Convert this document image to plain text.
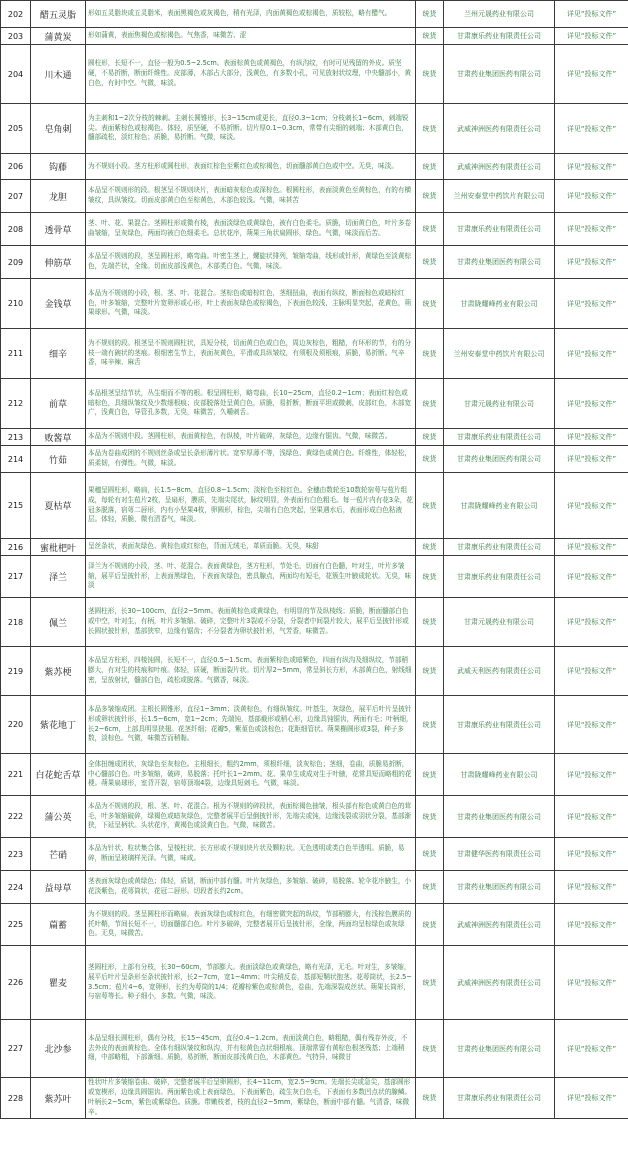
202	醋五灵脂	形如五灵脂块或五灵脂米，表面黑褐色或灰褐色，稍有光泽，内面黄褐色或棕褐色，质较松，略有醋气。	统货	兰州元晟药业有限公司	详见“投标文件”
203	蒲黄炭	形如蒲黄，表面焦褐色或棕褐色。气焦香，味微苦、涩	统货	甘肃康乐药业有限责任公司	详见“投标文件”
204	川木通	圆柱形，长短不一，直径一般为0.5~2.5cm。表面棕黄色或黄褐色，有纵沟纹，有时可见残留的外皮。质坚硬，不易折断，断面纤维性。皮部薄，木部占大部分，浅黄色，有多数小孔，可见放射状纹理，中央髓部小，黄白色，有时中空。气微，味淡。	统货	甘肃药业集团医药有限公司	详见“投标文件”
205	皂角刺	为主刺和1~2次分枝的棘刺。主刺长圆锥形，长3~15cm或更长，直径0.3~1cm；分枝刺长1~6cm，刺端锐尖。表面紫棕色或棕褐色。体轻，质坚硬，不易折断。切片厚0.1~0.3cm，常带有尖细的刺端；木部黄白色，髓部疏松，淡红棕色；质脆，易折断。气微，味淡。	统货	武威神洲医药有限责任公司	详见“投标文件”
206	钩藤	为不规则小段。茎方柱形或圆柱形，表面红棕色至紫红色或棕褐色，切面髓部黄白色或中空。无臭，味淡。	统货	武威神洲医药有限责任公司	详见“投标文件”
207	龙胆	本品呈不规则形的段。根茎呈不规则块片，表面暗灰棕色或深棕色。根圆柱形，表面淡黄色至黄棕色，有的有横皱纹，具纵皱纹。切面皮部黄白色至棕黄色，木部色较浅。气微，味甚苦	统货	兰州安泰堂中药饮片有限公司	详见“投标文件”
208	透骨草	茎、叶、花、果混合。茎圆柱形或微有棱，表面淡绿色或黄绿色，被有白色柔毛。质脆，切面黄白色，叶片多卷曲皱缩，呈灰绿色，两面均被白色细柔毛。总状花序，蒴果三角状扁圆形，绿色。气微，味淡而后苦。	统货	甘肃康乐药业有限责任公司	详见“投标文件”
209	伸筋草	本品呈不规则的段，茎呈圆柱形，略弯曲。叶密生茎上，螺旋状排列，皱缩弯曲，线形或针形，黄绿色至淡黄棕色，先端芒状，全缘。切面皮部浅黄色，木部类白色。气微，味淡。	统货	甘肃药业集团医药有限公司	详见“投标文件”
210	金钱草	本品为不规则的小段，根、茎、叶、花混合。茎棕色或暗棕红色，茎细扭曲，表面有纵纹，断面棕色或暗棕红色，叶多皱缩，完整叶片宽卵形或心形，叶上表面灰绿色或棕褐色，下表面色较浅，主脉明显突起，花黄色，蒴果球形。气微，味淡。	统货	甘肃陇耀峰药业有限公司	详见“投标文件”
211	细辛	为不规则的段。根茎呈不规则圆柱状，具短分枝，切面黄白色或白色，周边灰棕色，粗糙，有环形的节，有的分枝一端有碗状的茎痕。根细密生节上，表面灰黄色，平滑或具纵皱纹，有须根及须根痕，质脆，易折断。气辛香，味辛辣、麻舌	统货	兰州安泰堂中药饮片有限公司	详见“投标文件”
212	前草	本品根茎呈结节状，丛生细而不等的根。根呈圆柱形，略弯曲，长10~25cm，直径0.2~1cm；表面红棕色或暗棕色，具细纵皱纹及少数细根痕；皮部脱落处呈黄白色，质脆，易折断，断面平坦或微刺，皮部红色，木部宽广，浅黄白色，导管孔多数，无臭，味微苦，久嚼刺舌。	统货	甘肃元晟药业有限公司	详见“投标文件”
213	败酱草	本品为不规则中段。茎圆柱形，表面黄棕色，有纵棱，叶片破碎，灰绿色，边缘有锯齿。气微，味微苦。	统货	甘肃康乐药业有限责任公司	详见“投标文件”
214	竹茹	本品为卷曲成团的不规则丝条或呈长条形薄片状。宽窄厚薄不等，浅绿色、黄绿色或黄白色。纤维性，体轻松，质柔韧，有弹性。气微，味淡。	统货	甘肃药业集团医药有限公司	详见“投标文件”
215	夏枯草	果穗呈圆柱形，略扁，长1.5~8cm，直径0.8~1.5cm；淡棕色至棕红色。全穗由数轮至10数轮宿萼与苞片组成，每轮有对生苞片2枚，呈扇形，膜质，先端尖尾状，脉纹明显，外表面有白色粗毛。每一苞片内有花3朵，花冠多脱落，宿萼二唇形，内有小坚果4枚，卵圆形，棕色，尖端有白色突起，坚果遇水后，表面形成白色粘液层。体轻，质脆，微有清香气，味淡。	统货	甘肃陇耀峰药业有限公司	详见“投标文件”
216	蜜枇杷叶	呈丝条状，表面灰绿色、黄棕色或红棕色，背面无绒毛，革质而脆。无臭，味甜	统货	甘肃康乐药业有限责任公司	详见“投标文件”
217	泽兰	泽兰为不规则的小段，茎、叶、花混合。表面黄绿色，茎方柱形，节处毛，切面有白色髓，叶对生，叶片多皱缩，展平后呈披针形，上表面黑绿色，下表面灰绿色，密具腺点，两面均有短毛，花簇生叶腋成轮状。无臭，味淡	统货	甘肃康乐药业有限责任公司	详见“投标文件”
218	佩兰	茎圆柱形，长30~100cm，直径2~5mm。表面黄棕色或黄绿色，有明显的节及纵棱线；质脆，断面髓部白色或中空，叶对生，有柄，叶片多皱缩、破碎，完整叶片3裂或不分裂，分裂者中间裂片较大，展平后呈披针形或长圆状披针形，基部狭窄，边缘有锯齿；不分裂者为卵状披针形，气芳香，味微苦。	统货	甘肃元晟药业有限公司	详见“投标文件”
219	紫苏梗	本品呈方柱形，四棱钝圆，长短不一，直径0.5~1.5cm。表面紫棕色或暗紫色，四面有纵沟及细纵纹，节部稍膨大，有对生的枝痕和叶痕。体轻，质硬，断面裂片状。切片厚2~5mm，常呈斜长方形，木部黄白色，射线细密，呈放射状，髓部白色，疏松或脱落。气微香，味淡。	统货	武威天利医药有限责任公司	详见“投标文件”
220	紫花地丁	本品多皱缩成团。主根长圆锥形，直径1~3mm；淡黄棕色，有细纵皱纹。叶基生，灰绿色，展平后叶片呈披针形或卵状披针形，长1.5~6cm，宽1~2cm；先端钝，基部截形或稍心形，边缘具钝锯齿，两面有毛；叶柄细，长2~6cm，上部具明显狭翅。花茎纤细；花瓣5，紫堇色或淡棕色；花距细管状。蒴果椭圆形或3裂，种子多数，淡棕色。气微，味微苦而稍黏。	统货	甘肃康乐药业有限责任公司	详见“投标文件”
221	白花蛇舌草	全体扭缠成团状，灰绿色至灰棕色。主根细长，粗约2mm，须根纤细，淡灰棕色；茎细，卷曲，质脆易折断，中心髓部白色。叶多皱缩，破碎，易脱落；托叶长1~2mm。花、果单生或成对生于叶腋，花常具短而略粗的花梗。蒴果扁球形，室背开裂，宿萼顶端4裂，边缘具短刺毛。气微，味淡。	统货	甘肃陇耀峰药业有限公司	详见“投标文件”
222	蒲公英	本品为不规则的段，根、茎、叶、花混合。根为不规则的碎段状，表面棕褐色抽皱，根头部有棕色或黄白色的茸毛，叶多皱缩破碎，绿褐色或暗灰绿色，完整者展平后呈倒披针形，先端尖或钝，边缘浅裂或羽状分裂，基部渐狭，下延呈柄状。头状花序，黄褐色或淡黄白色。气微，味微苦。	统货	甘肃药业集团医药有限公司	详见“投标文件”
223	芒硝	本品为针状、粒状集合体，呈棱柱状、长方形或不规则块片状及颗粒状。无色透明或类白色半透明。质脆，易碎，断面呈玻璃样光泽。气微，味咸。	统货	甘肃健华医药有限责任公司	详见“投标文件”
224	益母草	茎表面灰绿色或黄绿色；体轻，质韧，断面中部有髓。叶片灰绿色，多皱缩、破碎，易脱落。轮伞花序腋生，小花淡紫色，花萼筒状，花冠二唇形。切段者长约2cm。	统货	甘肃药业集团医药有限公司	详见“投标文件”
225	萹蓄	为不规则的段。茎呈圆柱形而略扁，表面灰绿色或棕红色，有细密微突起的纵纹，节部稍膨大，有浅棕色膜质的托叶鞘，节间长短不一，切面髓部白色。叶片多破碎，完整者展开后呈披针形，全缘，两面均呈棕绿色或灰绿色。无臭，味微苦。	统货	武威神洲医药有限责任公司	详见“投标文件”
226	瞿麦	茎圆柱形，上部有分枝，长30~60cm，节部膨大。表面淡绿色或黄绿色，略有光泽，无毛。叶对生，多皱缩，展平后叶片呈条形至条状披针形，长2~7cm，宽1~4mm；叶尖稍反卷，基部短鞘状抱茎。花萼筒状，长2.5~3.5cm；苞片4~6，宽卵形，长约为萼筒的1/4；花瓣棕紫色或棕黄色，卷曲，先端深裂成丝状。蒴果长筒形，与宿萼等长。种子细小，多数。气微，味淡。	统货	武威神洲医药有限责任公司	详见“投标文件”
227	北沙参	本品呈细长圆柱形，偶有分枝，长15~45cm，直径0.4~1.2cm。表面淡黄白色，略粗糙，偶有残存外皮，不去外皮的表面黄棕色。全体有细纵皱纹和纵沟，并有棕黄色点状细根痕。顶端常留有黄棕色根茎残基；上端稍细，中部略粗，下部渐细。质脆，易折断，断面皮部浅黄白色，木部黄色。气特异，味微甘	统货	甘肃药业集团医药有限公司	详见“投标文件”
228	紫苏叶	性状叶片多皱缩卷曲、破碎，完整者展平后呈卵圆形，长4~11cm，宽2.5~9cm。先端长尖或急尖，基部圆形或宽楔形，边缘具圆锯齿。两面紫色或上表面绿色，下表面紫色，疏生灰白色毛，下表面有多数凹点状的腺鳞。叶柄长2~5cm，紫色或紫绿色。质脆。带嫩枝者，枝的直径2~5mm，紫绿色，断面中部有髓。气清香，味微辛。	统货	甘肃康乐药业有限责任公司	详见“投标文件”
